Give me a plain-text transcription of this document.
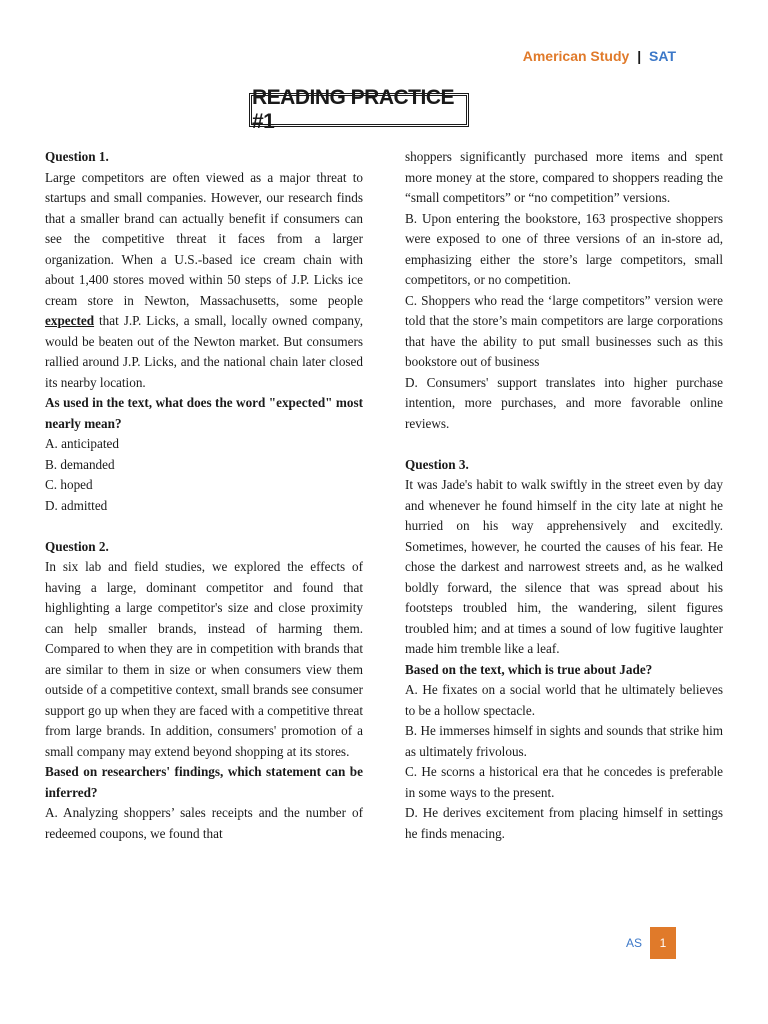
American Study | SAT
READING PRACTICE #1

Question 1.

Large competitors are often viewed as a major threat to startups and small companies. However, our research finds that a smaller brand can actually benefit if consumers can see the competitive threat it faces from a larger organization. When a U.S.-based ice cream chain with about 1,400 stores moved within 50 steps of J.P. Licks ice cream store in Newton, Massachusetts, some people expected that J.P. Licks, a small, locally owned company, would be beaten out of the Newton market. But consumers rallied around J.P. Licks, and the national chain later closed its nearby location.

As used in the text, what does the word "expected" most nearly mean?

A. anticipated

B. demanded

C. hoped

D. admitted

Question 2.

In six lab and field studies, we explored the effects of having a large, dominant competitor and found that highlighting a large competitor's size and close proximity can help smaller brands, instead of harming them. Compared to when they are in competition with brands that are similar to them in size or when consumers view them outside of a competitive context, small brands see consumer support go up when they are faced with a competitive threat from large brands. In addition, consumers' promotion of a small company may extend beyond shopping at its stores.

Based on researchers' findings, which statement can be inferred?

A. Analyzing shoppers’ sales receipts and the number of redeemed coupons, we found that

shoppers significantly purchased more items and spent more money at the store, compared to shoppers reading the “small competitors” or “no competition” versions.

B. Upon entering the bookstore, 163 prospective shoppers were exposed to one of three versions of an in-store ad, emphasizing either the store’s large competitors, small competitors, or no competition.

C. Shoppers who read the ‘large competitors” version were told that the store’s main competitors are large corporations that have the ability to put small businesses such as this bookstore out of business

D. Consumers' support translates into higher purchase intention, more purchases, and more favorable online reviews.

Question 3.

It was Jade's habit to walk swiftly in the street even by day and whenever he found himself in the city late at night he hurried on his way apprehensively and excitedly. Sometimes, however, he courted the causes of his fear. He chose the darkest and narrowest streets and, as he walked boldly forward, the silence that was spread about his footsteps troubled him, the wandering, silent figures troubled him; and at times a sound of low fugitive laughter made him tremble like a leaf.

Based on the text, which is true about Jade?

A. He fixates on a social world that he ultimately believes to be a hollow spectacle.

B. He immerses himself in sights and sounds that strike him as ultimately frivolous.

C. He scorns a historical era that he concedes is preferable in some ways to the present.

D. He derives excitement from placing himself in settings he finds menacing.

AS	1
